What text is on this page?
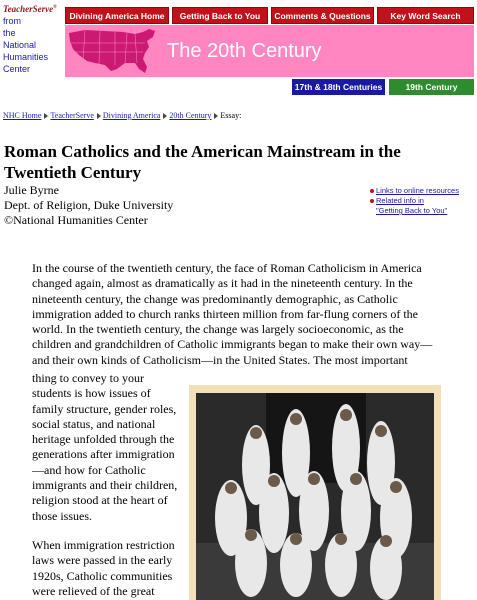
TeacherServe®
from
the
National
Humanities
Center
Divining America Home	Getting Back to You	Comments & Questions	Key Word Search
The 20th Century
17th & 18th Centuries	19th Century
NHC Home TeacherServe Divining America 20th Century Essay:
Roman Catholics and the American Mainstream in the Twentieth Century
Julie Byrne
Dept. of Religion, Duke University
©National Humanities Center
Links to online resources
Related info in
"Getting Back to You"

In the course of the twentieth century, the face of Roman Catholicism in America changed again, almost as dramatically as it had in the nineteenth century. In the nineteenth century, the change was predominantly demographic, as Catholic immigration added to church ranks thirteen million from far-flung corners of the world. In the twentieth century, the change was largely socioeconomic, as the children and grandchildren of Catholic immigrants began to make their own way—and their own kinds of Catholicism—in the United States. The most important

thing to convey to your students is how issues of family structure, gender roles, social status, and national heritage unfolded through the generations after immigration—and how for Catholic immigrants and their children, religion stood at the heart of those issues.

When immigration restriction laws were passed in the early 1920s, Catholic communities were relieved of the great
